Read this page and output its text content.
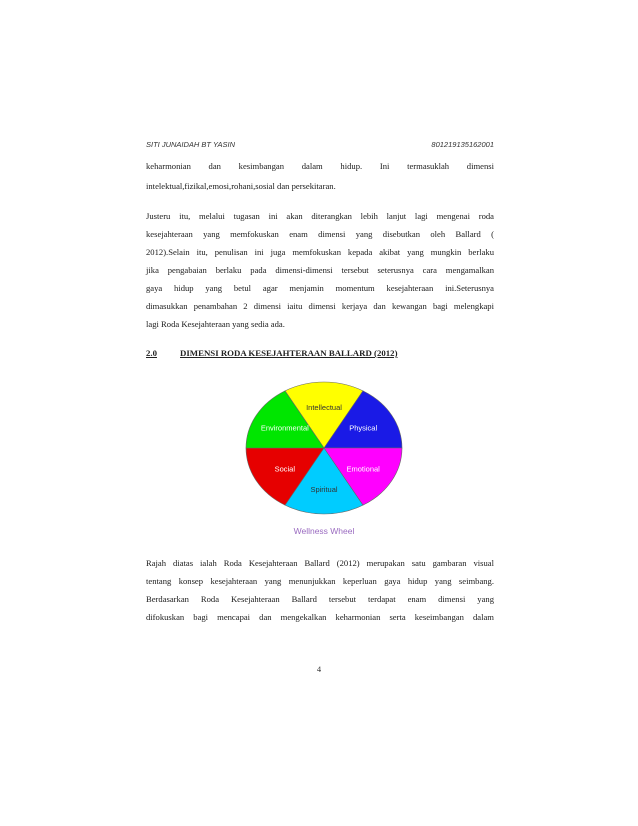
SITI JUNAIDAH BT YASIN	801219135162001
keharmonian dan kesimbangan dalam hidup. Ini termasuklah dimensi
intelektual,fizikal,emosi,rohani,sosial dan persekitaran.
Justeru itu, melalui tugasan ini akan diterangkan lebih lanjut lagi mengenai roda
kesejahteraan yang memfokuskan enam dimensi yang disebutkan oleh Ballard (
2012).Selain itu, penulisan ini juga memfokuskan kepada akibat yang mungkin berlaku
jika pengabaian berlaku pada dimensi-dimensi tersebut seterusnya cara mengamalkan
gaya hidup yang betul agar menjamin momentum kesejahteraan ini.Seterusnya
dimasukkan penambahan 2 dimensi iaitu dimensi kerjaya dan kewangan bagi melengkapi
lagi Roda Kesejahteraan yang sedia ada.
2.0	DIMENSI RODA KESEJAHTERAAN BALLARD (2012)
Intellectual
Physical
Emotional
Spiritual
Social
Environmental
Wellness Wheel
Rajah diatas ialah Roda Kesejahteraan Ballard (2012) merupakan satu gambaran visual
tentang konsep kesejahteraan yang menunjukkan keperluan gaya hidup yang seimbang.
Berdasarkan Roda Kesejahteraan Ballard tersebut terdapat enam dimensi yang
difokuskan bagi mencapai dan mengekalkan keharmonian serta keseimbangan dalam
4
